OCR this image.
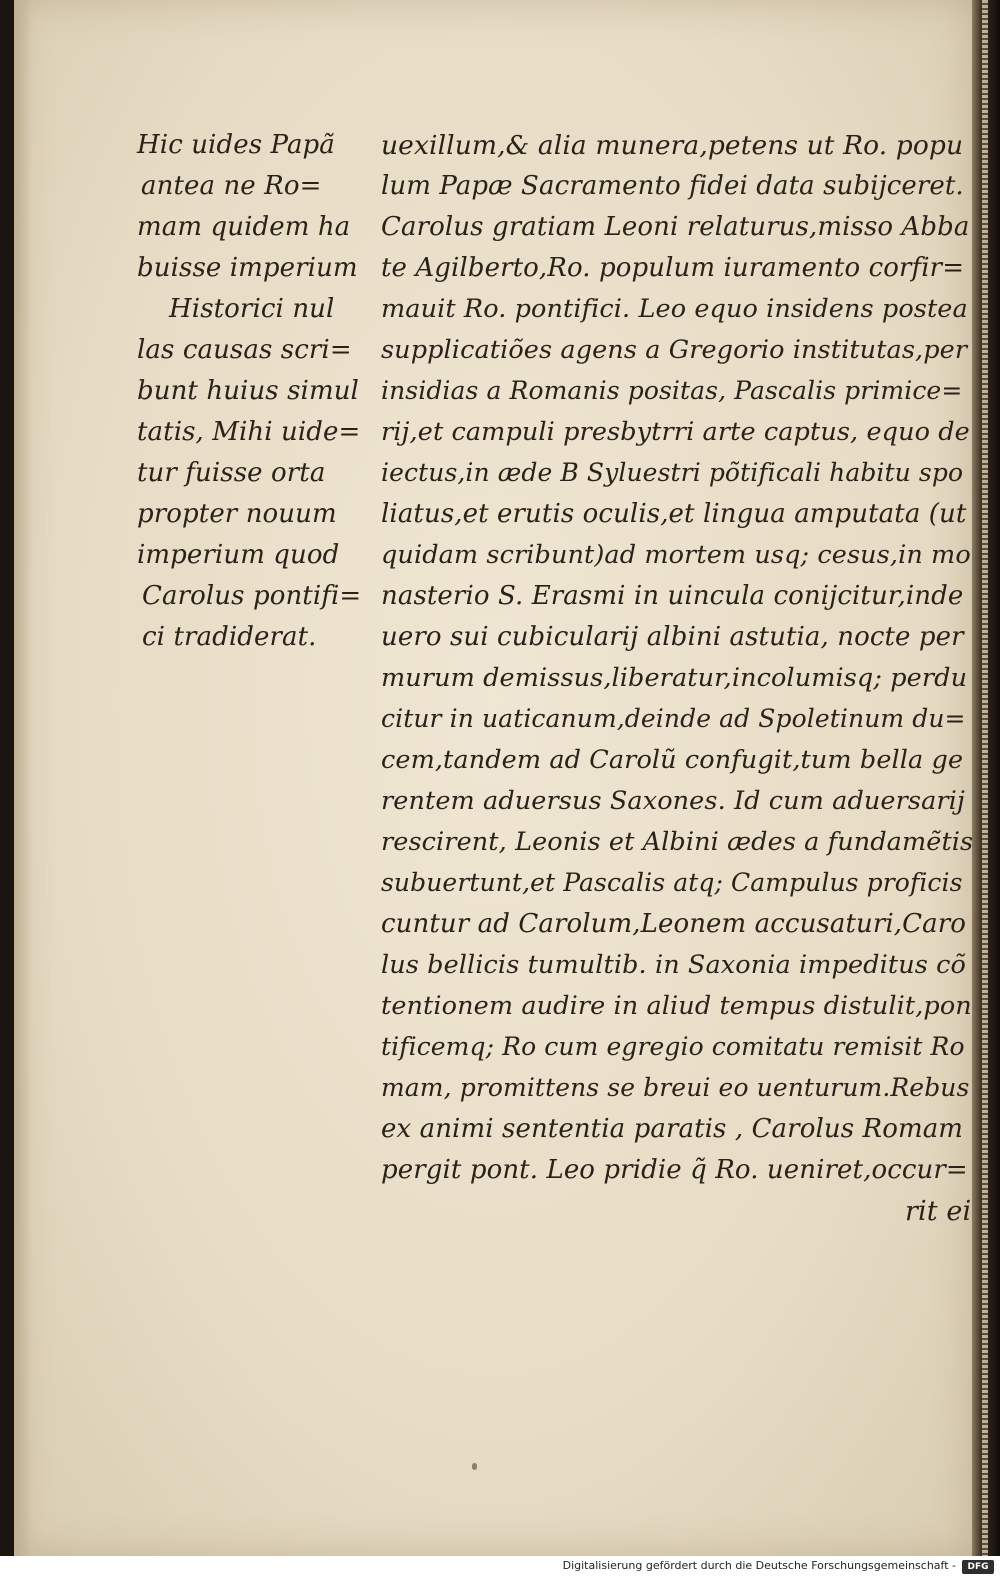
Hic uides Papã

antea ne Ro=

mam quidem ha

buisse imperium

Historici nul

las causas scri=

bunt huius simul

tatis, Mihi uide=

tur fuisse orta

propter nouum

imperium quod

Carolus pontifi=

ci tradiderat.

uexillum,& alia munera,petens ut Ro. popu

lum Papæ Sacramento fidei data subijceret.

Carolus gratiam Leoni relaturus,misso Abba

te Agilberto,Ro. populum iuramento corfir=

mauit Ro. pontifici. Leo equo insidens postea

supplicatiões agens a Gregorio institutas,per

insidias a Romanis positas, Pascalis primice=

rij,et campuli presbytrri arte captus, equo de

iectus,in æde B Syluestri põtificali habitu spo

liatus,et erutis oculis,et lingua amputata (ut

quidam scribunt)ad mortem usq; cesus,in mo

nasterio S. Erasmi in uincula conijcitur,inde

uero sui cubicularij albini astutia, nocte per

murum demissus,liberatur,incolumisq; perdu

citur in uaticanum,deinde ad Spoletinum du=

cem,tandem ad Carolũ confugit,tum bella ge

rentem aduersus Saxones. Id cum aduersarij

rescirent, Leonis et Albini ædes a fundamẽtis

subuertunt,et Pascalis atq; Campulus proficis

cuntur ad Carolum,Leonem accusaturi,Caro

lus bellicis tumultib. in Saxonia impeditus cõ

tentionem audire in aliud tempus distulit,pon

tificemq; Ro cum egregio comitatu remisit Ro

mam, promittens se breui eo uenturum.Rebus

ex animi sententia paratis , Carolus Romam

pergit pont. Leo pridie q̃ Ro. ueniret,occur=

rit ei

Digitalisierung gefördert durch die Deutsche Forschungsgemeinschaft -	DFG
